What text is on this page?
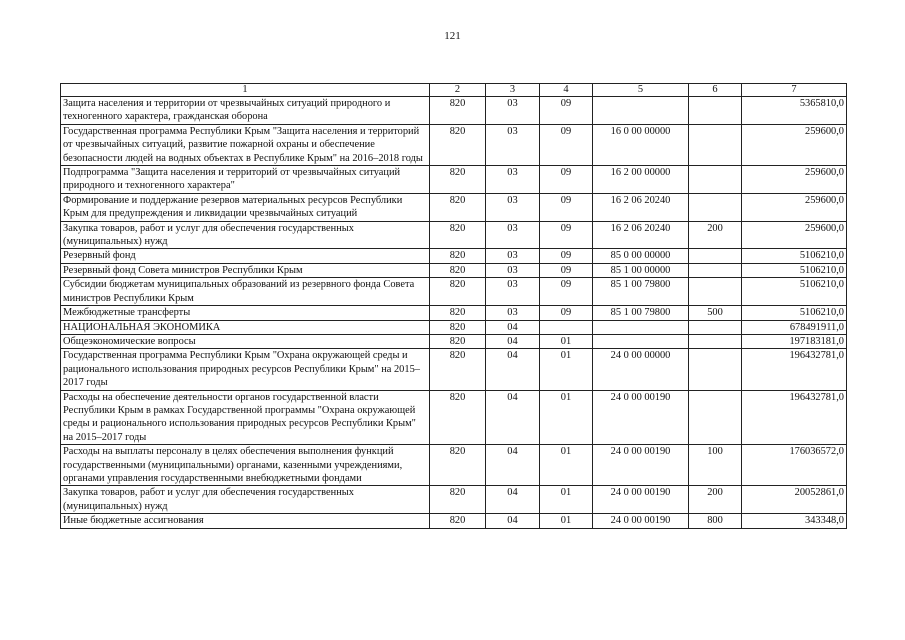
121
1	2	3	4	5	6	7
Защита населения и территории от чрезвычайных ситуаций природного и техногенного характера, гражданская оборона	820	03	09			5365810,0
Государственная программа Республики Крым "Защита населения и территорий от чрезвычайных ситуаций, развитие пожарной охраны и обеспечение безопасности людей на водных объектах в Республике Крым" на 2016–2018 годы	820	03	09	16 0 00 00000		259600,0
Подпрограмма "Защита населения и территорий от чрезвычайных ситуаций природного и техногенного характера"	820	03	09	16 2 00 00000		259600,0
Формирование и поддержание резервов материальных ресурсов Республики Крым для предупреждения и ликвидации чрезвычайных ситуаций	820	03	09	16 2 06 20240		259600,0
Закупка товаров, работ и услуг для обеспечения государственных (муниципальных) нужд	820	03	09	16 2 06 20240	200	259600,0
Резервный фонд	820	03	09	85 0 00 00000		5106210,0
Резервный фонд Совета министров Республики Крым	820	03	09	85 1 00 00000		5106210,0
Субсидии бюджетам муниципальных образований из резервного фонда Совета министров Республики Крым	820	03	09	85 1 00 79800		5106210,0
Межбюджетные трансферты	820	03	09	85 1 00 79800	500	5106210,0
НАЦИОНАЛЬНАЯ ЭКОНОМИКА	820	04				678491911,0
Общеэкономические вопросы	820	04	01			197183181,0
Государственная программа Республики Крым "Охрана окружающей среды и рационального использования природных ресурсов Республики Крым" на 2015–2017 годы	820	04	01	24 0 00 00000		196432781,0
Расходы на обеспечение деятельности органов государственной власти Республики Крым в рамках Государственной программы "Охрана окружающей среды и рационального использования природных ресурсов Республики Крым" на 2015–2017 годы	820	04	01	24 0 00 00190		196432781,0
Расходы на выплаты персоналу в целях обеспечения выполнения функций государственными (муниципальными) органами, казенными учреждениями, органами управления государственными внебюджетными фондами	820	04	01	24 0 00 00190	100	176036572,0
Закупка товаров, работ и услуг для обеспечения государственных (муниципальных) нужд	820	04	01	24 0 00 00190	200	20052861,0
Иные бюджетные ассигнования	820	04	01	24 0 00 00190	800	343348,0
